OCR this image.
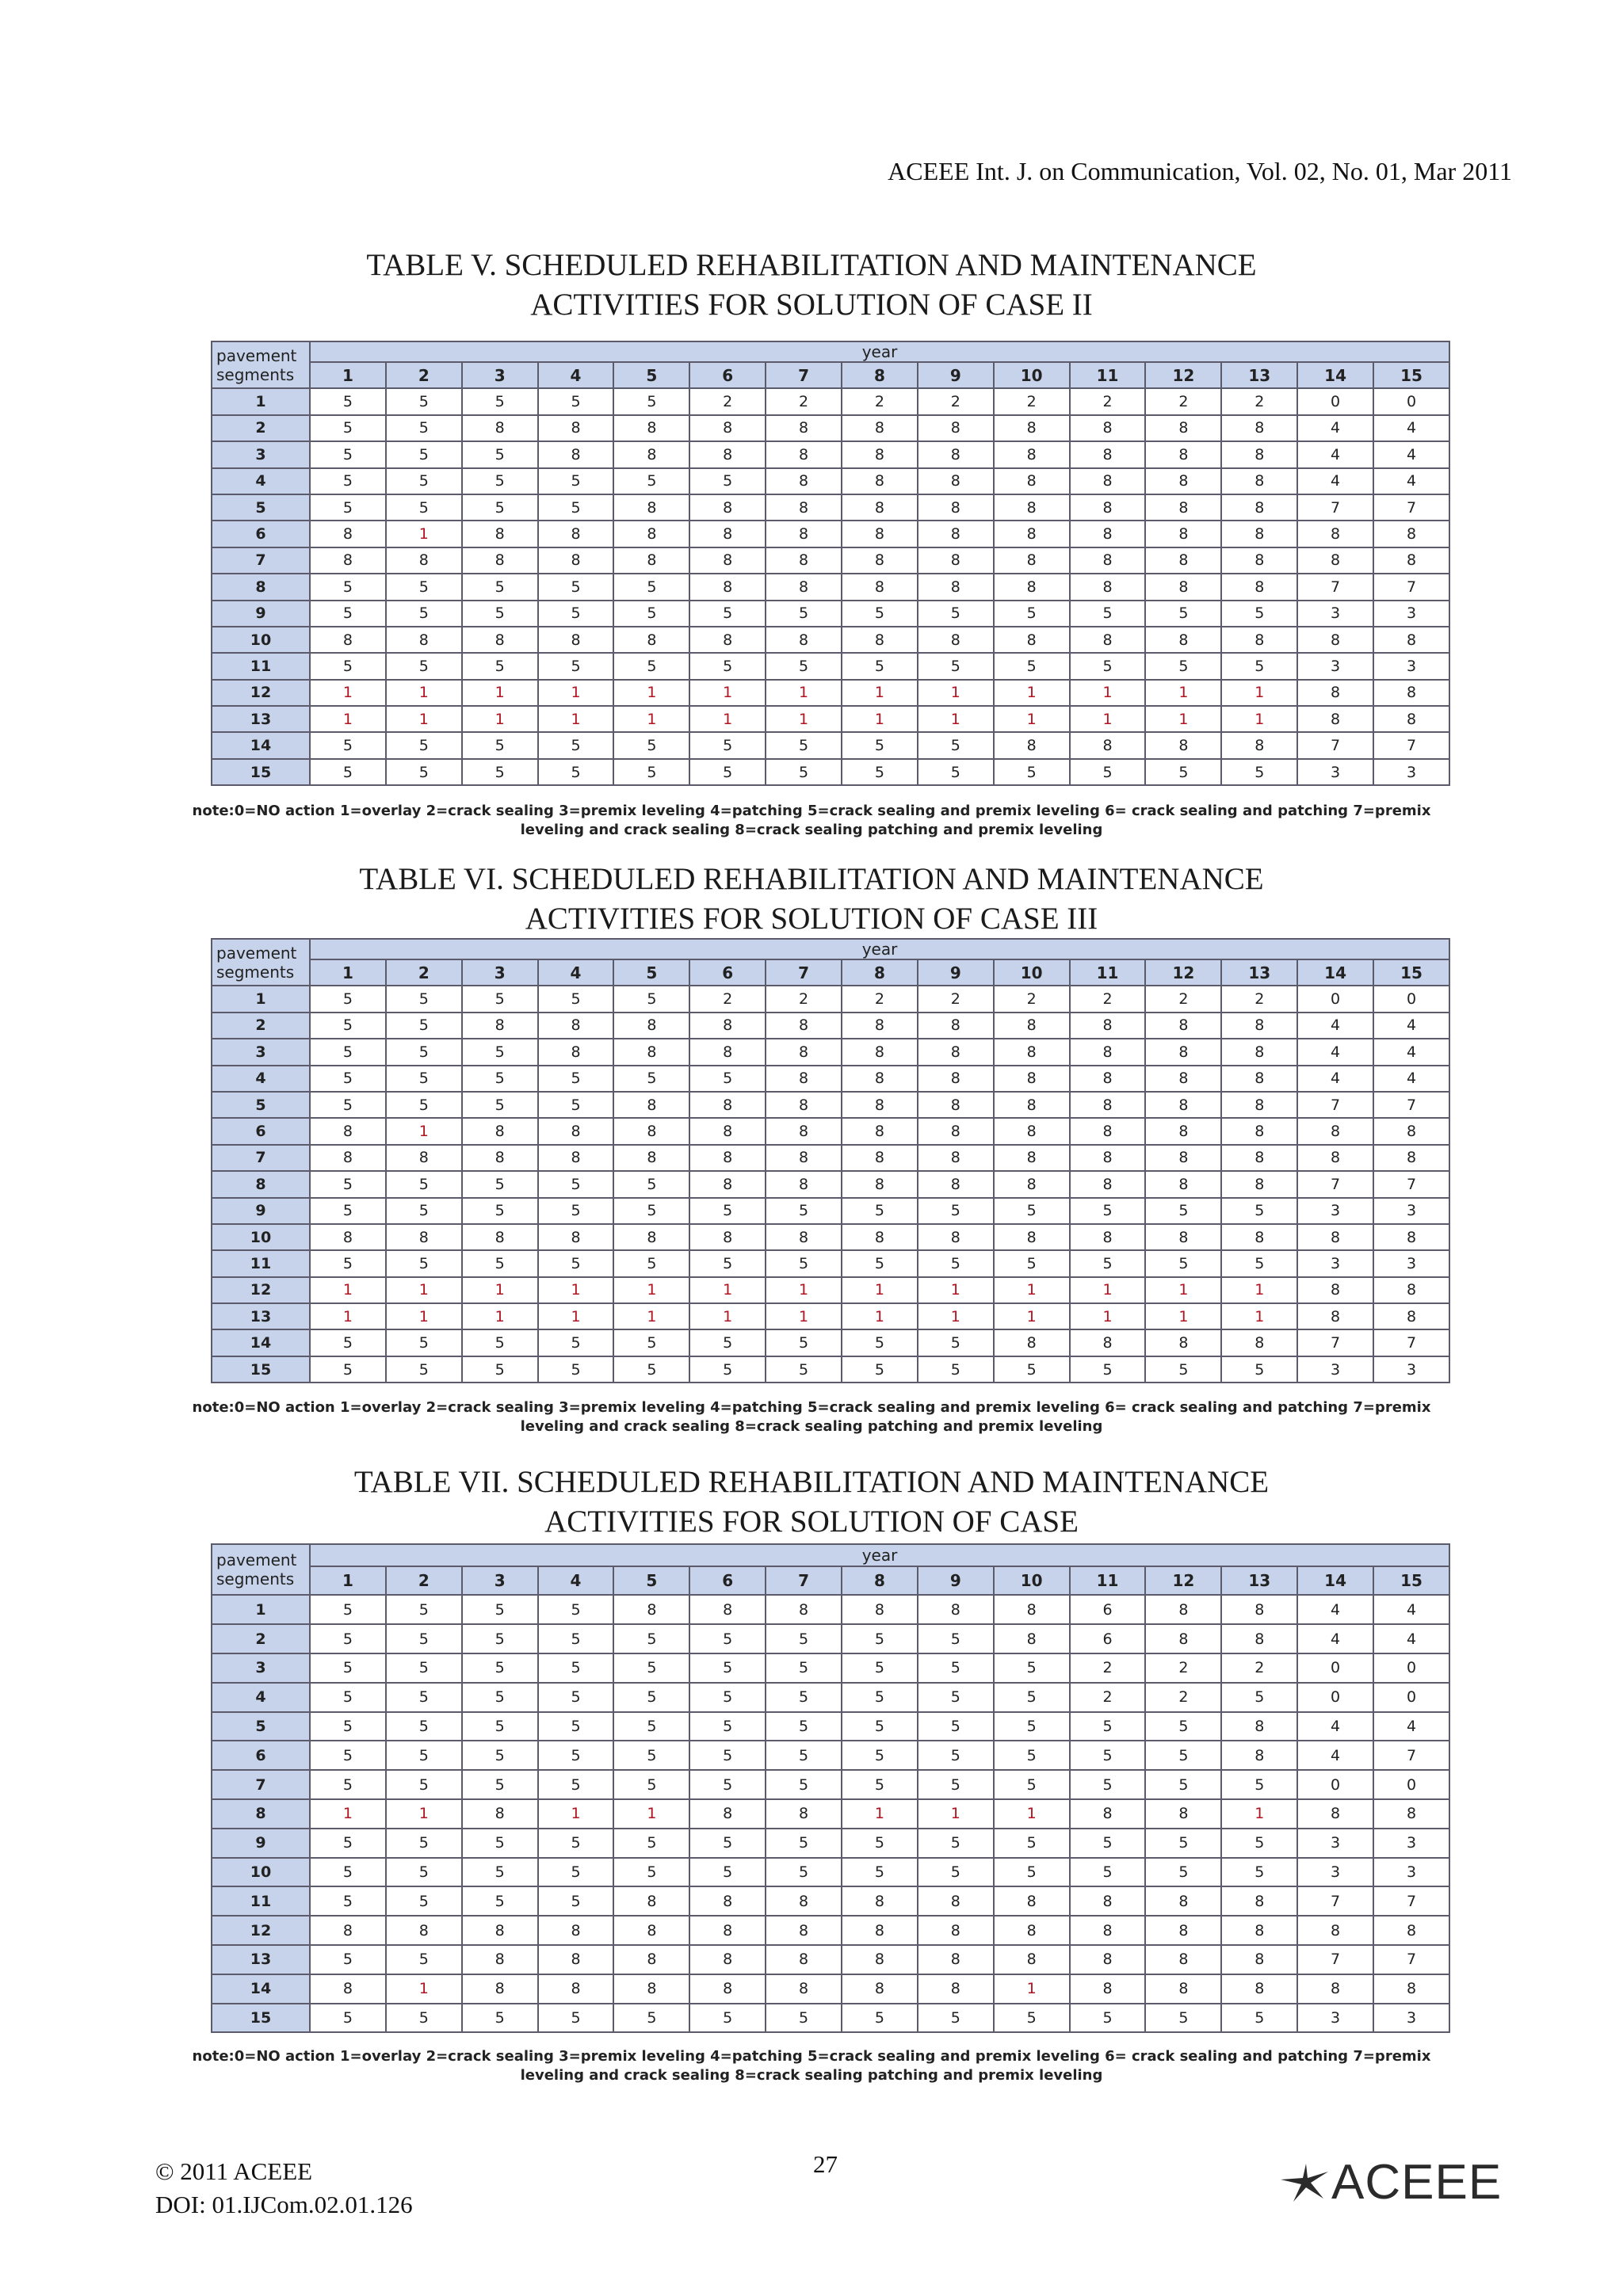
ACEEE Int. J. on Communication, Vol. 02, No. 01, Mar 2011
TABLE V. SCHEDULED REHABILITATION AND MAINTENANCE
ACTIVITIES FOR SOLUTION OF CASE II
pavement
segments	year														
	1	2	3	4	5	6	7	8	9	10	11	12	13	14	15
1	5	5	5	5	5	2	2	2	2	2	2	2	2	0	0
2	5	5	8	8	8	8	8	8	8	8	8	8	8	4	4
3	5	5	5	8	8	8	8	8	8	8	8	8	8	4	4
4	5	5	5	5	5	5	8	8	8	8	8	8	8	4	4
5	5	5	5	5	8	8	8	8	8	8	8	8	8	7	7
6	8	1	8	8	8	8	8	8	8	8	8	8	8	8	8
7	8	8	8	8	8	8	8	8	8	8	8	8	8	8	8
8	5	5	5	5	5	8	8	8	8	8	8	8	8	7	7
9	5	5	5	5	5	5	5	5	5	5	5	5	5	3	3
10	8	8	8	8	8	8	8	8	8	8	8	8	8	8	8
11	5	5	5	5	5	5	5	5	5	5	5	5	5	3	3
12	1	1	1	1	1	1	1	1	1	1	1	1	1	8	8
13	1	1	1	1	1	1	1	1	1	1	1	1	1	8	8
14	5	5	5	5	5	5	5	5	5	8	8	8	8	7	7
15	5	5	5	5	5	5	5	5	5	5	5	5	5	3	3
note:0=NO action 1=overlay 2=crack sealing 3=premix leveling 4=patching 5=crack sealing and premix leveling 6= crack sealing and patching 7=premix
leveling and crack sealing 8=crack sealing patching and premix leveling
TABLE VI. SCHEDULED REHABILITATION AND MAINTENANCE
ACTIVITIES FOR SOLUTION OF CASE III
pavement
segments	year														
	1	2	3	4	5	6	7	8	9	10	11	12	13	14	15
1	5	5	5	5	5	2	2	2	2	2	2	2	2	0	0
2	5	5	8	8	8	8	8	8	8	8	8	8	8	4	4
3	5	5	5	8	8	8	8	8	8	8	8	8	8	4	4
4	5	5	5	5	5	5	8	8	8	8	8	8	8	4	4
5	5	5	5	5	8	8	8	8	8	8	8	8	8	7	7
6	8	1	8	8	8	8	8	8	8	8	8	8	8	8	8
7	8	8	8	8	8	8	8	8	8	8	8	8	8	8	8
8	5	5	5	5	5	8	8	8	8	8	8	8	8	7	7
9	5	5	5	5	5	5	5	5	5	5	5	5	5	3	3
10	8	8	8	8	8	8	8	8	8	8	8	8	8	8	8
11	5	5	5	5	5	5	5	5	5	5	5	5	5	3	3
12	1	1	1	1	1	1	1	1	1	1	1	1	1	8	8
13	1	1	1	1	1	1	1	1	1	1	1	1	1	8	8
14	5	5	5	5	5	5	5	5	5	8	8	8	8	7	7
15	5	5	5	5	5	5	5	5	5	5	5	5	5	3	3
note:0=NO action 1=overlay 2=crack sealing 3=premix leveling 4=patching 5=crack sealing and premix leveling 6= crack sealing and patching 7=premix
leveling and crack sealing 8=crack sealing patching and premix leveling
TABLE VII. SCHEDULED REHABILITATION AND MAINTENANCE
ACTIVITIES FOR SOLUTION OF CASE
pavement
segments	year														
	1	2	3	4	5	6	7	8	9	10	11	12	13	14	15
1	5	5	5	5	8	8	8	8	8	8	6	8	8	4	4
2	5	5	5	5	5	5	5	5	5	8	6	8	8	4	4
3	5	5	5	5	5	5	5	5	5	5	2	2	2	0	0
4	5	5	5	5	5	5	5	5	5	5	2	2	5	0	0
5	5	5	5	5	5	5	5	5	5	5	5	5	8	4	4
6	5	5	5	5	5	5	5	5	5	5	5	5	8	4	7
7	5	5	5	5	5	5	5	5	5	5	5	5	5	0	0
8	1	1	8	1	1	8	8	1	1	1	8	8	1	8	8
9	5	5	5	5	5	5	5	5	5	5	5	5	5	3	3
10	5	5	5	5	5	5	5	5	5	5	5	5	5	3	3
11	5	5	5	5	8	8	8	8	8	8	8	8	8	7	7
12	8	8	8	8	8	8	8	8	8	8	8	8	8	8	8
13	5	5	8	8	8	8	8	8	8	8	8	8	8	7	7
14	8	1	8	8	8	8	8	8	8	1	8	8	8	8	8
15	5	5	5	5	5	5	5	5	5	5	5	5	5	3	3
note:0=NO action 1=overlay 2=crack sealing 3=premix leveling 4=patching 5=crack sealing and premix leveling 6= crack sealing and patching 7=premix
leveling and crack sealing 8=crack sealing patching and premix leveling
© 2011 ACEEE
DOI: 01.IJCom.02.01.126
27	ACEEE
